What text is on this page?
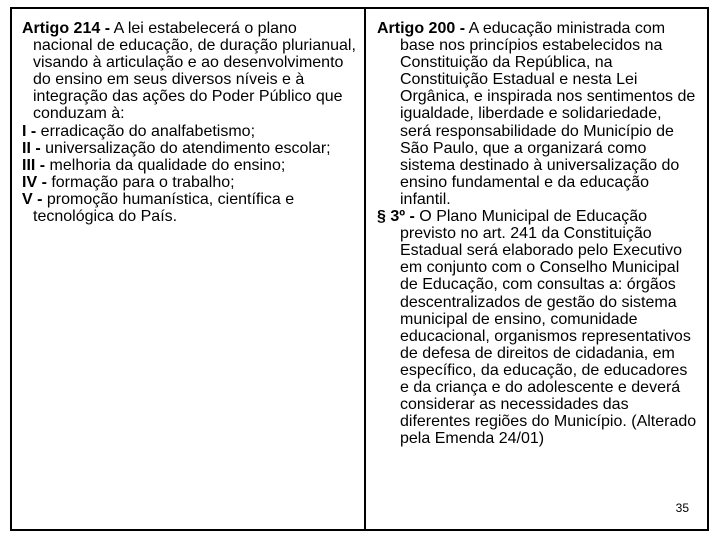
Artigo 214 - A lei estabelecerá o plano nacional de educação, de duração plurianual, visando à articulação e ao desenvolvimento do ensino em seus diversos níveis e à integração das ações do Poder Público que conduzam à:

I - erradicação do analfabetismo;

II - universalização do atendimento escolar;

III - melhoria da qualidade do ensino;

IV - formação para o trabalho;

V - promoção humanística, científica e tecnológica do País.

Artigo 200 - A educação ministrada com base nos princípios estabelecidos na Constituição da República, na Constituição Estadual e nesta Lei Orgânica, e inspirada nos sentimentos de igualdade, liberdade e solidariedade, será responsabilidade do Município de São Paulo, que a organizará como sistema destinado à universalização do ensino fundamental e da educação infantil.

§ 3º - O Plano Municipal de Educação previsto no art. 241 da Constituição Estadual será elaborado pelo Executivo em conjunto com o Conselho Municipal de Educação, com consultas a: órgãos descentralizados de gestão do sistema municipal de ensino, comunidade educacional, organismos representativos de defesa de direitos de cidadania, em específico, da educação, de educadores e da criança e do adolescente e deverá considerar as necessidades das diferentes regiões do Município. (Alterado pela Emenda 24/01)

35
